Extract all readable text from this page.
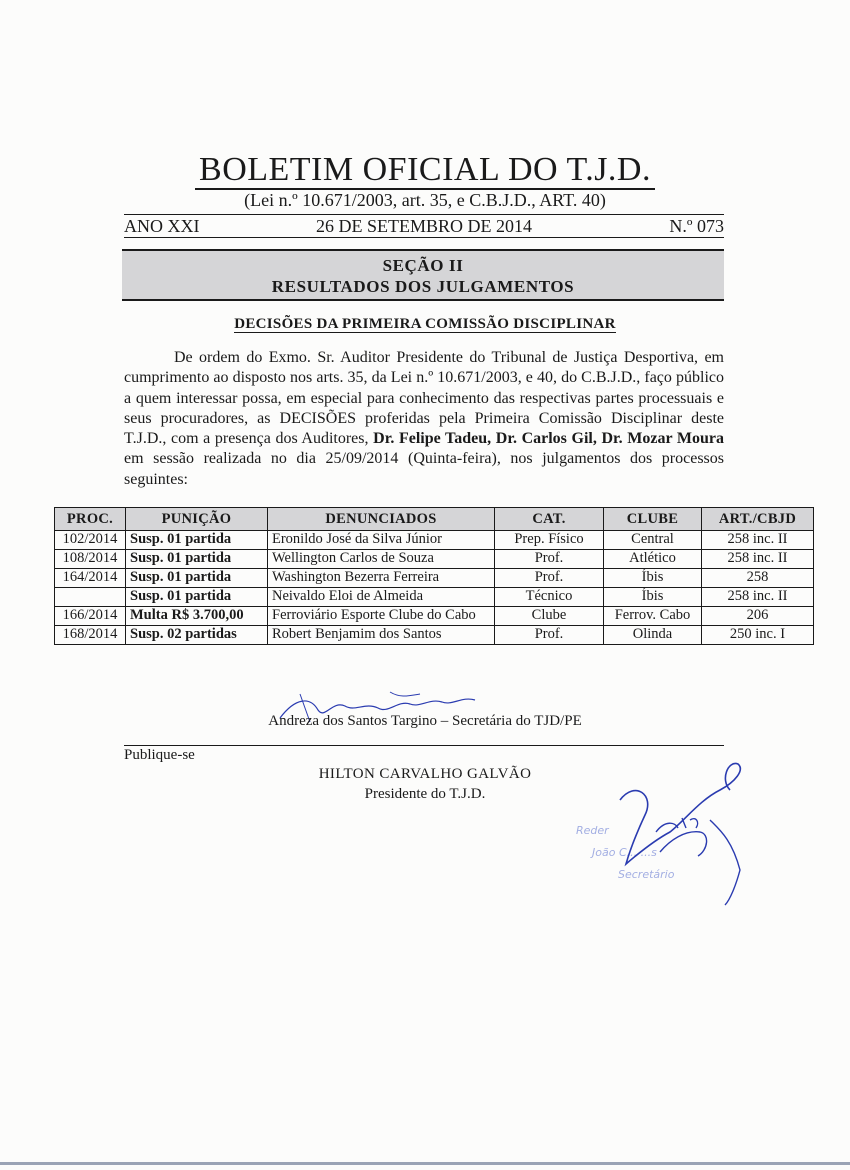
BOLETIM OFICIAL DO T.J.D.
(Lei n.º 10.671/2003, art. 35, e C.B.J.D., ART. 40)
ANO XXI	26 DE SETEMBRO DE 2014	N.º 073
SEÇÃO II
RESULTADOS DOS JULGAMENTOS
DECISÕES DA PRIMEIRA COMISSÃO DISCIPLINAR
De ordem do Exmo. Sr. Auditor Presidente do Tribunal de Justiça Desportiva, em cumprimento ao disposto nos arts. 35, da Lei n.º 10.671/2003, e 40, do C.B.J.D., faço público a quem interessar possa, em especial para conhecimento das respectivas partes processuais e seus procuradores, as DECISÕES proferidas pela Primeira Comissão Disciplinar deste T.J.D., com a presença dos Auditores, Dr. Felipe Tadeu, Dr. Carlos Gil, Dr. Mozar Moura em sessão realizada no dia 25/09/2014 (Quinta-feira), nos julgamentos dos processos seguintes:
PROC.	PUNIÇÃO	DENUNCIADOS	CAT.	CLUBE	ART./CBJD
102/2014	Susp. 01 partida	Eronildo José da Silva Júnior	Prep. Físico	Central	258 inc. II
108/2014	Susp. 01 partida	Wellington Carlos de Souza	Prof.	Atlético	258 inc. II
164/2014	Susp. 01 partida	Washington Bezerra Ferreira	Prof.	Íbis	258
	Susp. 01 partida	Neivaldo Eloi de Almeida	Técnico	Íbis	258 inc. II
166/2014	Multa R$ 3.700,00	Ferroviário Esporte Clube do Cabo	Clube	Ferrov. Cabo	206
168/2014	Susp. 02 partidas	Robert Benjamim dos Santos	Prof.	Olinda	250 inc. I
Andreza dos Santos Targino – Secretária do TJD/PE
Publique-se
HILTON CARVALHO GALVÃO
Presidente do T.J.D.
Reder
João C... ...s
Secretário
